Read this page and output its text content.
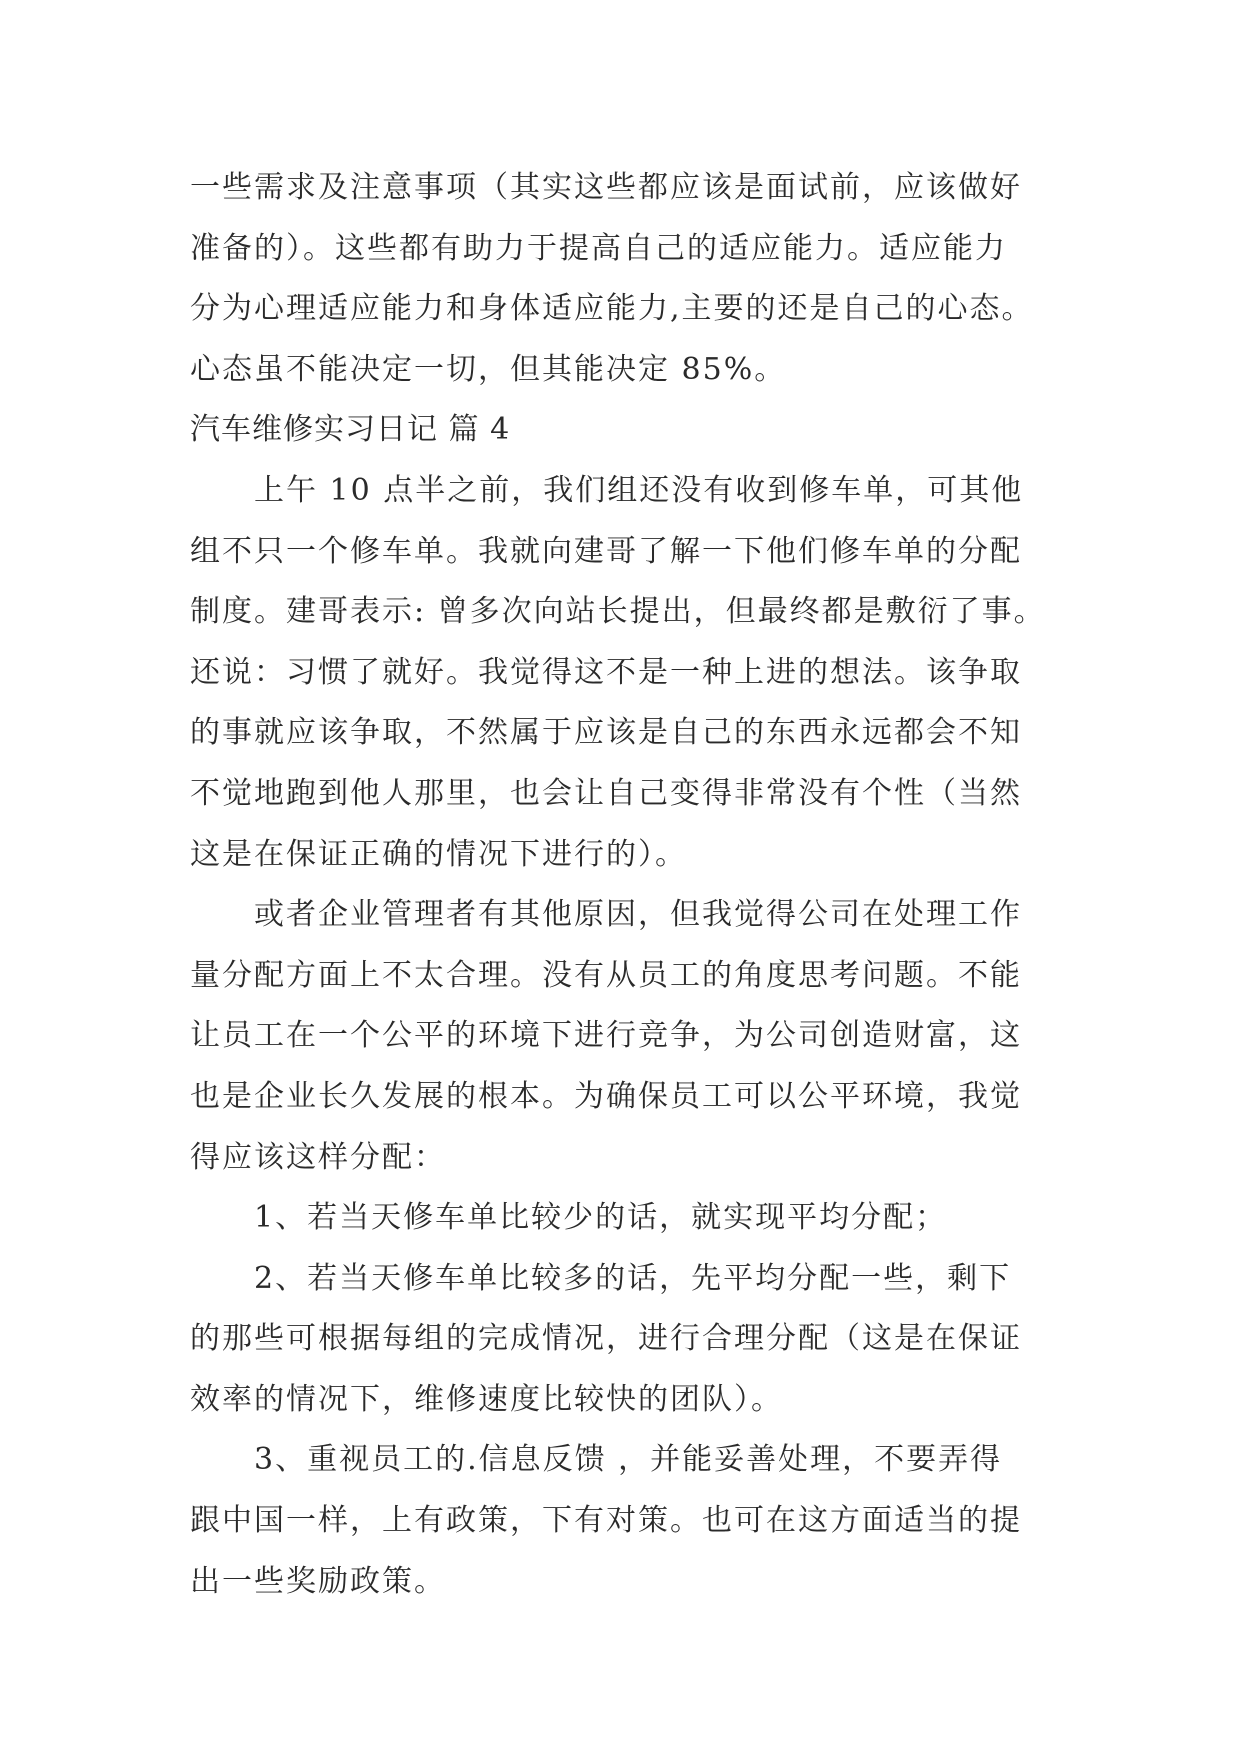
一些需求及注意事项（其实这些都应该是面试前，应该做好
准备的）。这些都有助力于提高自己的适应能力。适应能力
分为心理适应能力和身体适应能力,主要的还是自己的心态。
心态虽不能决定一切，但其能决定 85%。
汽车维修实习日记 篇 4
上午 10 点半之前，我们组还没有收到修车单，可其他
组不只一个修车单。我就向建哥了解一下他们修车单的分配
制度。建哥表示: 曾多次向站长提出，但最终都是敷衍了事。
还说：习惯了就好。我觉得这不是一种上进的想法。该争取
的事就应该争取，不然属于应该是自己的东西永远都会不知
不觉地跑到他人那里，也会让自己变得非常没有个性（当然
这是在保证正确的情况下进行的）。
或者企业管理者有其他原因，但我觉得公司在处理工作
量分配方面上不太合理。没有从员工的角度思考问题。不能
让员工在一个公平的环境下进行竞争，为公司创造财富，这
也是企业长久发展的根本。为确保员工可以公平环境，我觉
得应该这样分配：
1、若当天修车单比较少的话，就实现平均分配；
2、若当天修车单比较多的话，先平均分配一些，剩下
的那些可根据每组的完成情况，进行合理分配（这是在保证
效率的情况下，维修速度比较快的团队）。
3、重视员工的.信息反馈 ，并能妥善处理，不要弄得
跟中国一样，上有政策，下有对策。也可在这方面适当的提
出一些奖励政策。
